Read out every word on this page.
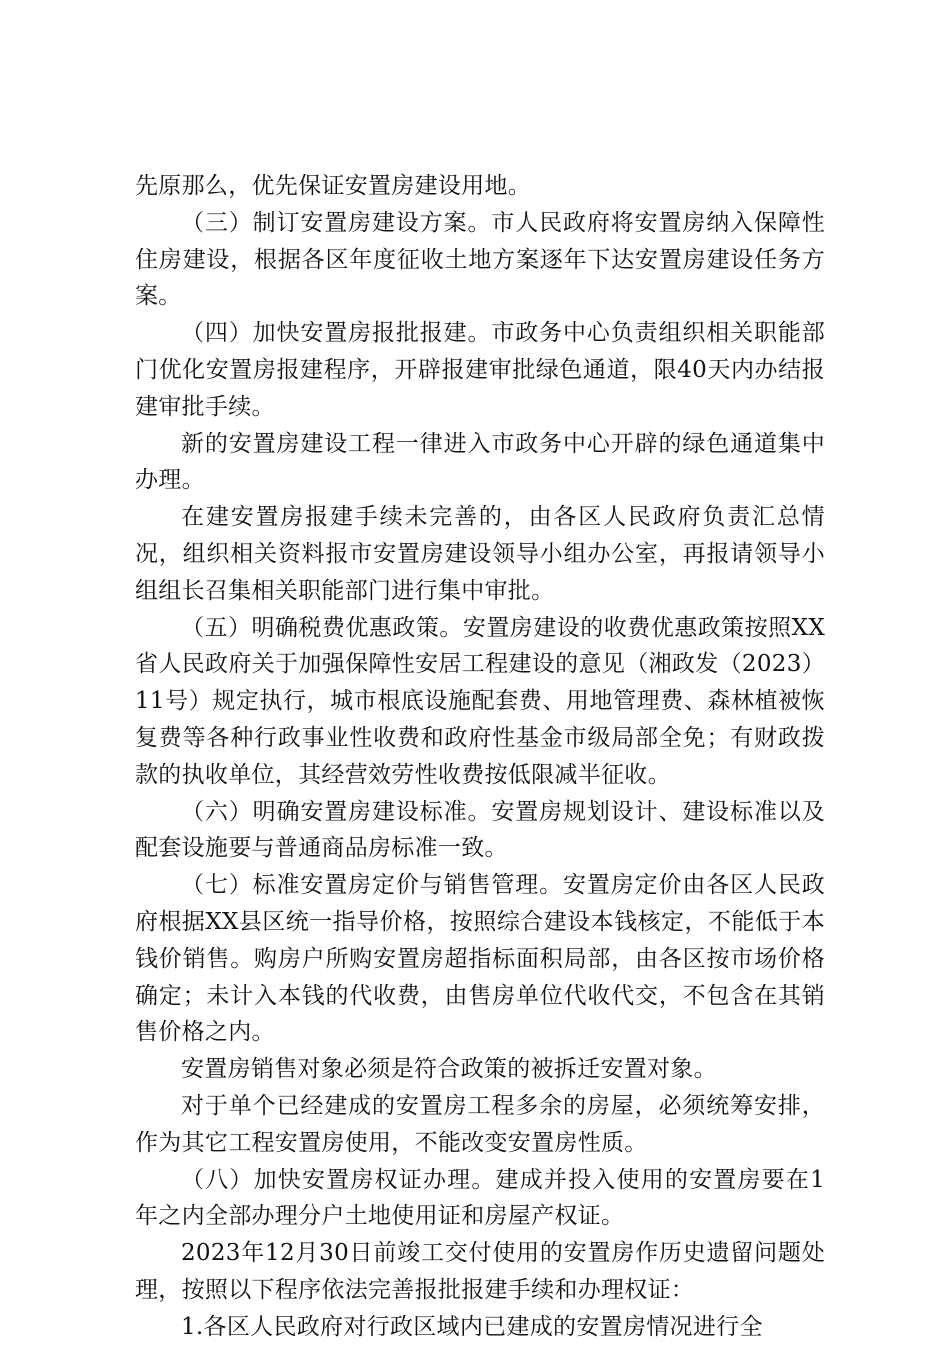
先原那么，优先保证安置房建设用地。

（三）制订安置房建设方案。市人民政府将安置房纳入保障性住房建设，根据各区年度征收土地方案逐年下达安置房建设任务方案。

（四）加快安置房报批报建。市政务中心负责组织相关职能部门优化安置房报建程序，开辟报建审批绿色通道，限40天内办结报建审批手续。

新的安置房建设工程一律进入市政务中心开辟的绿色通道集中办理。

在建安置房报建手续未完善的，由各区人民政府负责汇总情况，组织相关资料报市安置房建设领导小组办公室，再报请领导小组组长召集相关职能部门进行集中审批。

（五）明确税费优惠政策。安置房建设的收费优惠政策按照XX省人民政府关于加强保障性安居工程建设的意见（湘政发（2023）11号）规定执行，城市根底设施配套费、用地管理费、森林植被恢复费等各种行政事业性收费和政府性基金市级局部全免；有财政拨款的执收单位，其经营效劳性收费按低限减半征收。

（六）明确安置房建设标准。安置房规划设计、建设标准以及配套设施要与普通商品房标准一致。

（七）标准安置房定价与销售管理。安置房定价由各区人民政府根据XX县区统一指导价格，按照综合建设本钱核定，不能低于本钱价销售。购房户所购安置房超指标面积局部，由各区按市场价格确定；未计入本钱的代收费，由售房单位代收代交，不包含在其销售价格之内。

安置房销售对象必须是符合政策的被拆迁安置对象。

对于单个已经建成的安置房工程多余的房屋，必须统筹安排，作为其它工程安置房使用，不能改变安置房性质。

（八）加快安置房权证办理。建成并投入使用的安置房要在1年之内全部办理分户土地使用证和房屋产权证。

2023年12月30日前竣工交付使用的安置房作历史遗留问题处理，按照以下程序依法完善报批报建手续和办理权证：

1.各区人民政府对行政区域内已建成的安置房情况进行全
